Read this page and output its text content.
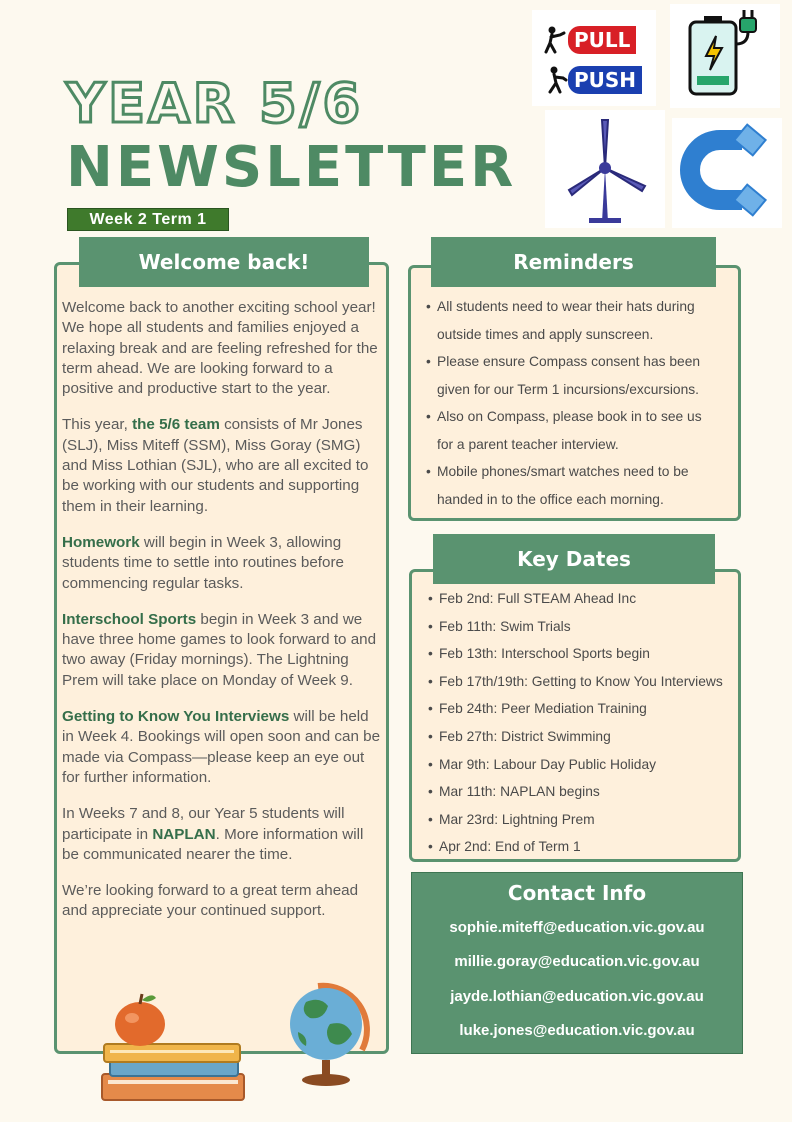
YEAR 5/6
NEWSLETTER
Week 2 Term 1
PULL
PUSH
Welcome back!

Welcome back to another exciting school year! We hope all students and families enjoyed a relaxing break and are feeling refreshed for the term ahead. We are looking forward to a positive and productive start to the year.

This year, the 5/6 team consists of Mr Jones (SLJ), Miss Miteff (SSM), Miss Goray (SMG) and Miss Lothian (SJL), who are all excited to be working with our students and supporting them in their learning.

Homework will begin in Week 3, allowing students time to settle into routines before commencing regular tasks.

Interschool Sports begin in Week 3 and we have three home games to look forward to and two away (Friday mornings). The Lightning Prem will take place on Monday of Week 9.

Getting to Know You Interviews will be held in Week 4. Bookings will open soon and can be made via Compass—please keep an eye out for further information.

In Weeks 7 and 8, our Year 5 students will participate in NAPLAN. More information will be communicated nearer the time.

We’re looking forward to a great term ahead and appreciate your continued support.

Reminders
• All students need to wear their hats during
outside times and apply sunscreen.
• Please ensure Compass consent has been
given for our Term 1 incursions/excursions.
• Also on Compass, please book in to see us
for a parent teacher interview.
• Mobile phones/smart watches need to be
handed in to the office each morning.
Key Dates
• Feb 2nd: Full STEAM Ahead Inc
• Feb 11th: Swim Trials
• Feb 13th: Interschool Sports begin
• Feb 17th/19th: Getting to Know You Interviews
• Feb 24th: Peer Mediation Training
• Feb 27th: District Swimming
• Mar 9th: Labour Day Public Holiday
• Mar 11th: NAPLAN begins
• Mar 23rd: Lightning Prem
• Apr 2nd: End of Term 1
Contact Info
sophie.miteff@education.vic.gov.au
millie.goray@education.vic.gov.au
jayde.lothian@education.vic.gov.au
luke.jones@education.vic.gov.au
